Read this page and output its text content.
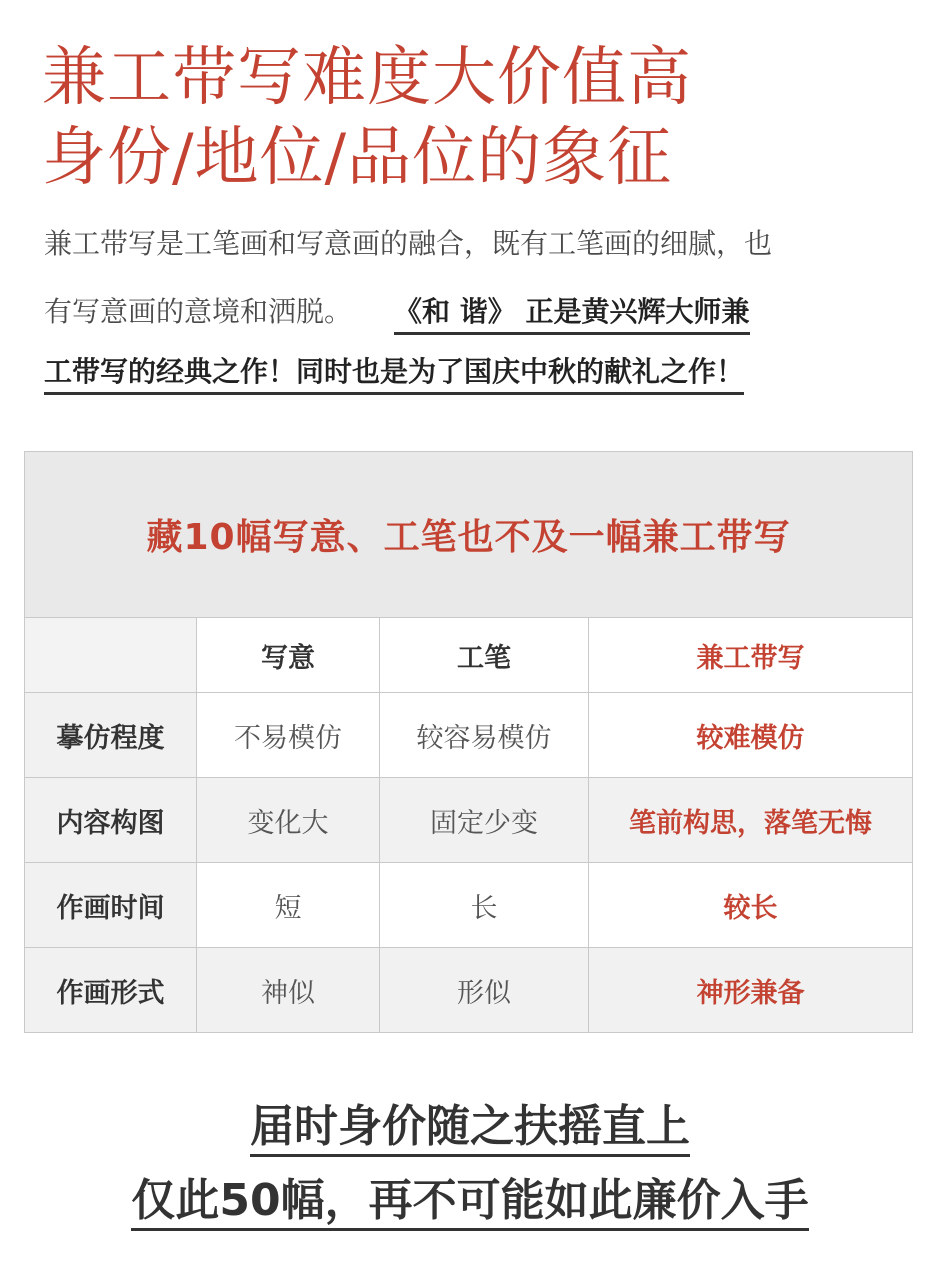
兼工带写难度大价值高
身份/地位/品位的象征
兼工带写是工笔画和写意画的融合，既有工笔画的细腻，也
有写意画的意境和洒脱。 《和 谐》 正是黄兴辉大师兼
工带写的经典之作！同时也是为了国庆中秋的献礼之作！
藏10幅写意、工笔也不及一幅兼工带写			
	写意	工笔	兼工带写
摹仿程度	不易模仿	较容易模仿	较难模仿
内容构图	变化大	固定少变	笔前构思，落笔无悔
作画时间	短	长	较长
作画形式	神似	形似	神形兼备
届时身价随之扶摇直上
仅此50幅，再不可能如此廉价入手
